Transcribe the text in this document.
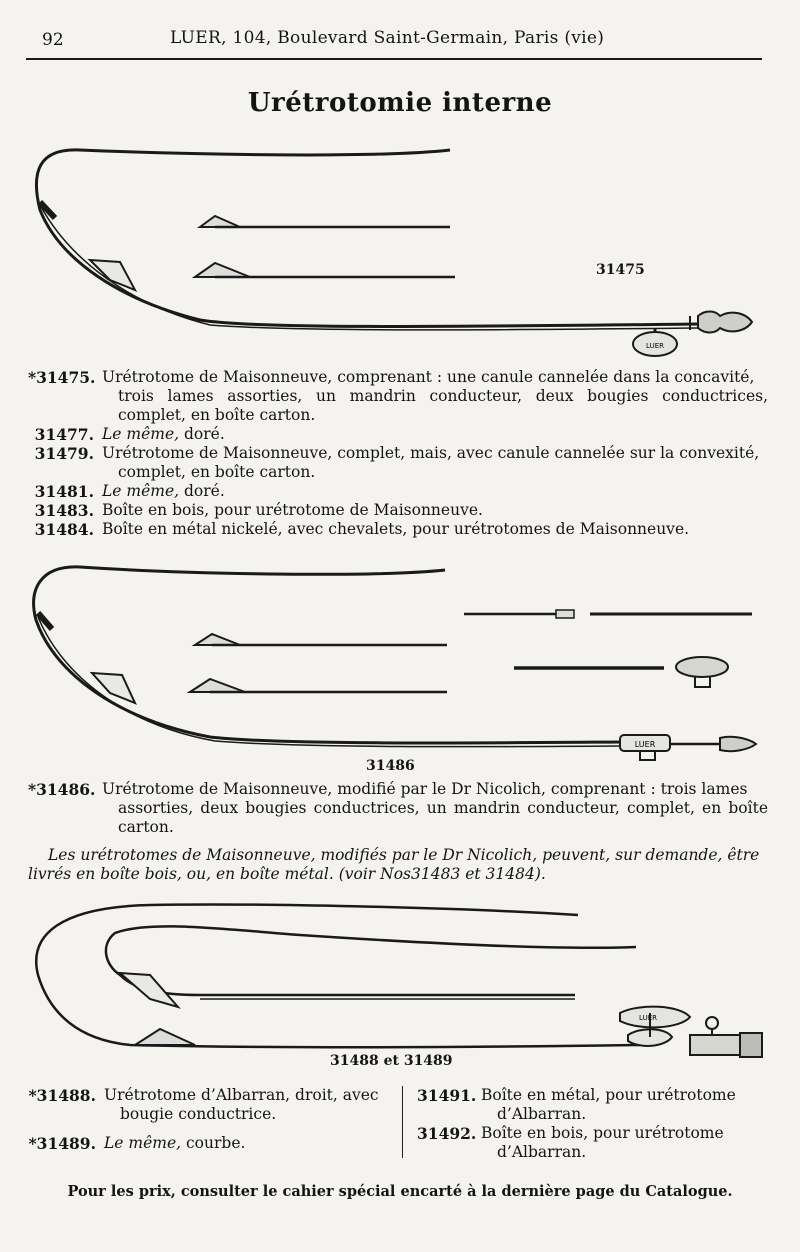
92	LUER, 104, Boulevard Saint-Germain, Paris (vie)
Urétrotomie interne
LUER
31475
*31475. Urétrotome de Maisonneuve, comprenant : une canule cannelée dans la concavité,
trois lames assorties, un mandrin conducteur, deux bougies conductrices, complet, en boîte carton.
31477. Le même, doré.
31479. Urétrotome de Maisonneuve, complet, mais, avec canule cannelée sur la convexité,
complet, en boîte carton.
31481. Le même, doré.
31483. Boîte en bois, pour urétrotome de Maisonneuve.
31484. Boîte en métal nickelé, avec chevalets, pour urétrotomes de Maisonneuve.
LUER
31486
*31486. Urétrotome de Maisonneuve, modifié par le Dr Nicolich, comprenant : trois lames
assorties, deux bougies conductrices, un mandrin conducteur, complet, en boîte carton.
Les urétrotomes de Maisonneuve, modifiés par le Dr Nicolich, peuvent, sur demande, être livrés en boîte bois, ou, en boîte métal. (voir Nos31483 et 31484).
LUER
31488 et 31489
*31488. Urétrotome d’Albarran, droit, avec
bougie conductrice.
*31489. Le même, courbe.
31491. Boîte en métal, pour urétrotome
d’Albarran.
31492. Boîte en bois, pour urétrotome
d’Albarran.
Pour les prix, consulter le cahier spécial encarté à la dernière page du Catalogue.
